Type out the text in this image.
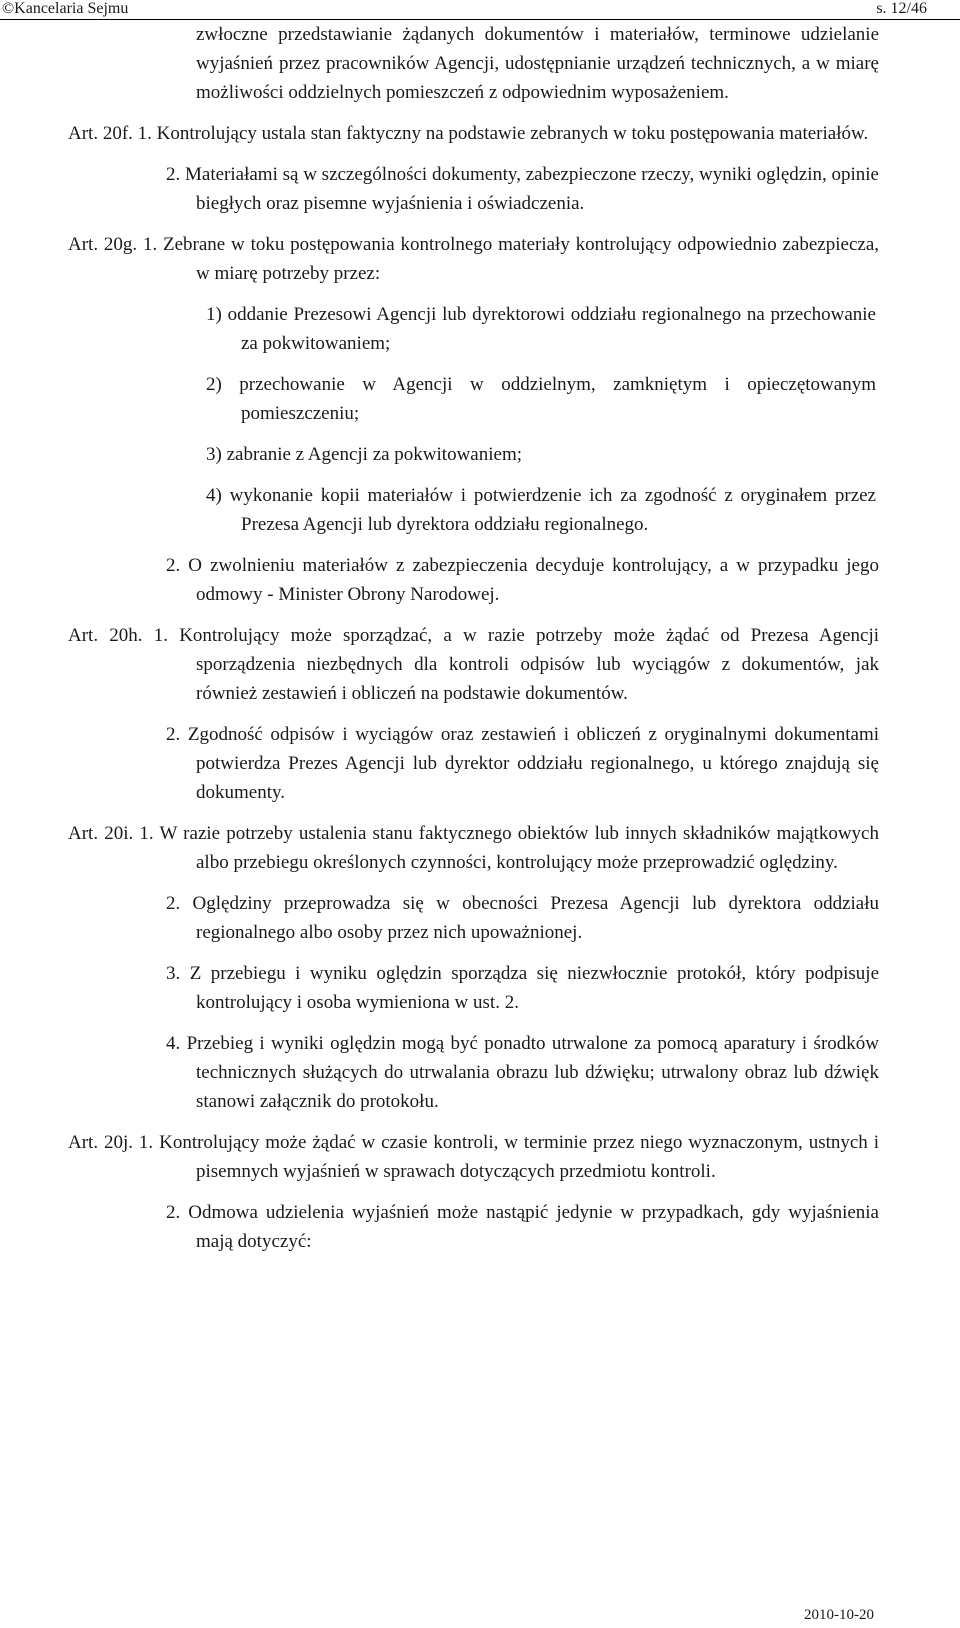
©Kancelaria Sejmu	s. 12/46
zwłoczne przedstawianie żądanych dokumentów i materiałów, terminowe udzielanie wyjaśnień przez pracowników Agencji, udostępnianie urządzeń technicznych, a w miarę możliwości oddzielnych pomieszczeń z odpowiednim wyposażeniem.
Art. 20f. 1. Kontrolujący ustala stan faktyczny na podstawie zebranych w toku postępowania materiałów.
2. Materiałami są w szczególności dokumenty, zabezpieczone rzeczy, wyniki oględzin, opinie biegłych oraz pisemne wyjaśnienia i oświadczenia.
Art. 20g. 1. Zebrane w toku postępowania kontrolnego materiały kontrolujący odpowiednio zabezpiecza, w miarę potrzeby przez:
1) oddanie Prezesowi Agencji lub dyrektorowi oddziału regionalnego na przechowanie za pokwitowaniem;
2) przechowanie w Agencji w oddzielnym, zamkniętym i opieczętowanym pomieszczeniu;
3) zabranie z Agencji za pokwitowaniem;
4) wykonanie kopii materiałów i potwierdzenie ich za zgodność z oryginałem przez Prezesa Agencji lub dyrektora oddziału regionalnego.
2. O zwolnieniu materiałów z zabezpieczenia decyduje kontrolujący, a w przypadku jego odmowy - Minister Obrony Narodowej.
Art. 20h. 1. Kontrolujący może sporządzać, a w razie potrzeby może żądać od Prezesa Agencji sporządzenia niezbędnych dla kontroli odpisów lub wyciągów z dokumentów, jak również zestawień i obliczeń na podstawie dokumentów.
2. Zgodność odpisów i wyciągów oraz zestawień i obliczeń z oryginalnymi dokumentami potwierdza Prezes Agencji lub dyrektor oddziału regionalnego, u którego znajdują się dokumenty.
Art. 20i. 1. W razie potrzeby ustalenia stanu faktycznego obiektów lub innych składników majątkowych albo przebiegu określonych czynności, kontrolujący może przeprowadzić oględziny.
2. Oględziny przeprowadza się w obecności Prezesa Agencji lub dyrektora oddziału regionalnego albo osoby przez nich upoważnionej.
3. Z przebiegu i wyniku oględzin sporządza się niezwłocznie protokół, który podpisuje kontrolujący i osoba wymieniona w ust. 2.
4. Przebieg i wyniki oględzin mogą być ponadto utrwalone za pomocą aparatury i środków technicznych służących do utrwalania obrazu lub dźwięku; utrwalony obraz lub dźwięk stanowi załącznik do protokołu.
Art. 20j. 1. Kontrolujący może żądać w czasie kontroli, w terminie przez niego wyznaczonym, ustnych i pisemnych wyjaśnień w sprawach dotyczących przedmiotu kontroli.
2. Odmowa udzielenia wyjaśnień może nastąpić jedynie w przypadkach, gdy wyjaśnienia mają dotyczyć:
2010-10-20
